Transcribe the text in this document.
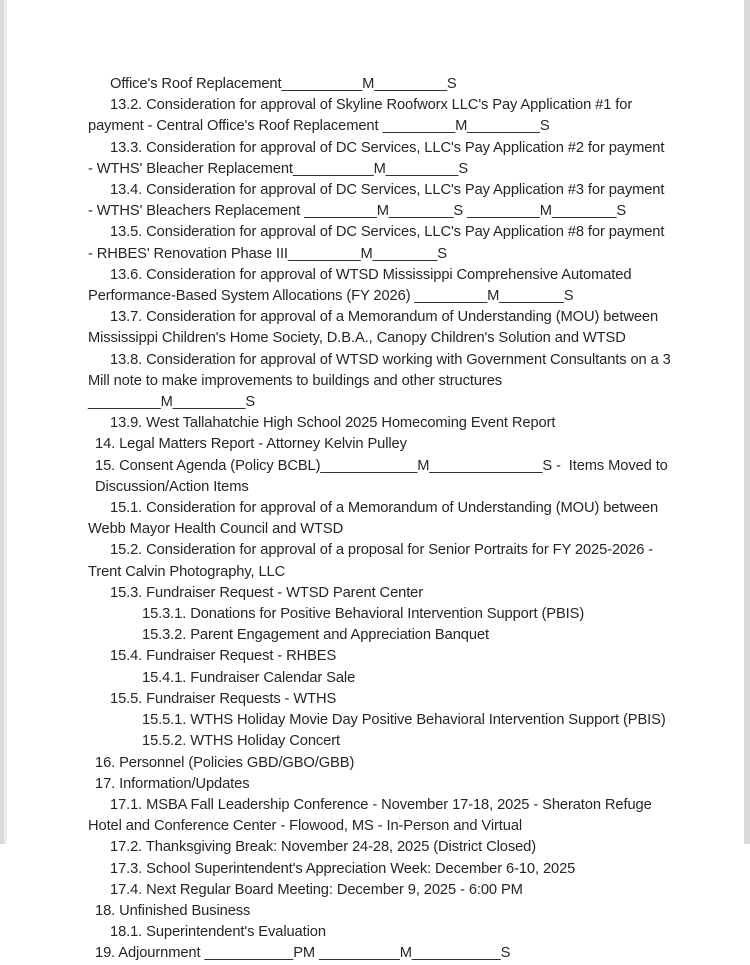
Office's Roof Replacement__________M_________S
13.2. Consideration for approval of Skyline Roofworx LLC's Pay Application #1 for payment - Central Office's Roof Replacement _________M_________S
13.3. Consideration for approval of DC Services, LLC's Pay Application #2 for payment - WTHS' Bleacher Replacement__________M_________S
13.4. Consideration for approval of DC Services, LLC's Pay Application #3 for payment - WTHS' Bleachers Replacement _________M________S _________M________S
13.5. Consideration for approval of DC Services, LLC's Pay Application #8 for payment - RHBES' Renovation Phase III_________M________S
13.6. Consideration for approval of WTSD Mississippi Comprehensive Automated Performance-Based System Allocations (FY 2026) _________M________S
13.7. Consideration for approval of a Memorandum of Understanding (MOU) between Mississippi Children's Home Society, D.B.A., Canopy Children's Solution and WTSD
13.8. Consideration for approval of WTSD working with Government Consultants on a 3 Mill note to make improvements to buildings and other structures _________M_________S
13.9. West Tallahatchie High School 2025 Homecoming Event Report
14. Legal Matters Report - Attorney Kelvin Pulley
15. Consent Agenda (Policy BCBL)____________M______________S -  Items Moved to Discussion/Action Items
15.1. Consideration for approval of a Memorandum of Understanding (MOU) between Webb Mayor Health Council and WTSD
15.2. Consideration for approval of a proposal for Senior Portraits for FY 2025-2026 - Trent Calvin Photography, LLC
15.3. Fundraiser Request - WTSD Parent Center
15.3.1. Donations for Positive Behavioral Intervention Support (PBIS)
15.3.2. Parent Engagement and Appreciation Banquet
15.4. Fundraiser Request - RHBES
15.4.1. Fundraiser Calendar Sale
15.5. Fundraiser Requests - WTHS
15.5.1. WTHS Holiday Movie Day Positive Behavioral Intervention Support (PBIS)
15.5.2. WTHS Holiday Concert
16. Personnel (Policies GBD/GBO/GBB)
17. Information/Updates
17.1. MSBA Fall Leadership Conference - November 17-18, 2025 - Sheraton Refuge Hotel and Conference Center - Flowood, MS - In-Person and Virtual
17.2. Thanksgiving Break: November 24-28, 2025 (District Closed)
17.3. School Superintendent's Appreciation Week: December 6-10, 2025
17.4. Next Regular Board Meeting: December 9, 2025 - 6:00 PM
18. Unfinished Business
18.1. Superintendent's Evaluation
19. Adjournment ___________PM __________M___________S
